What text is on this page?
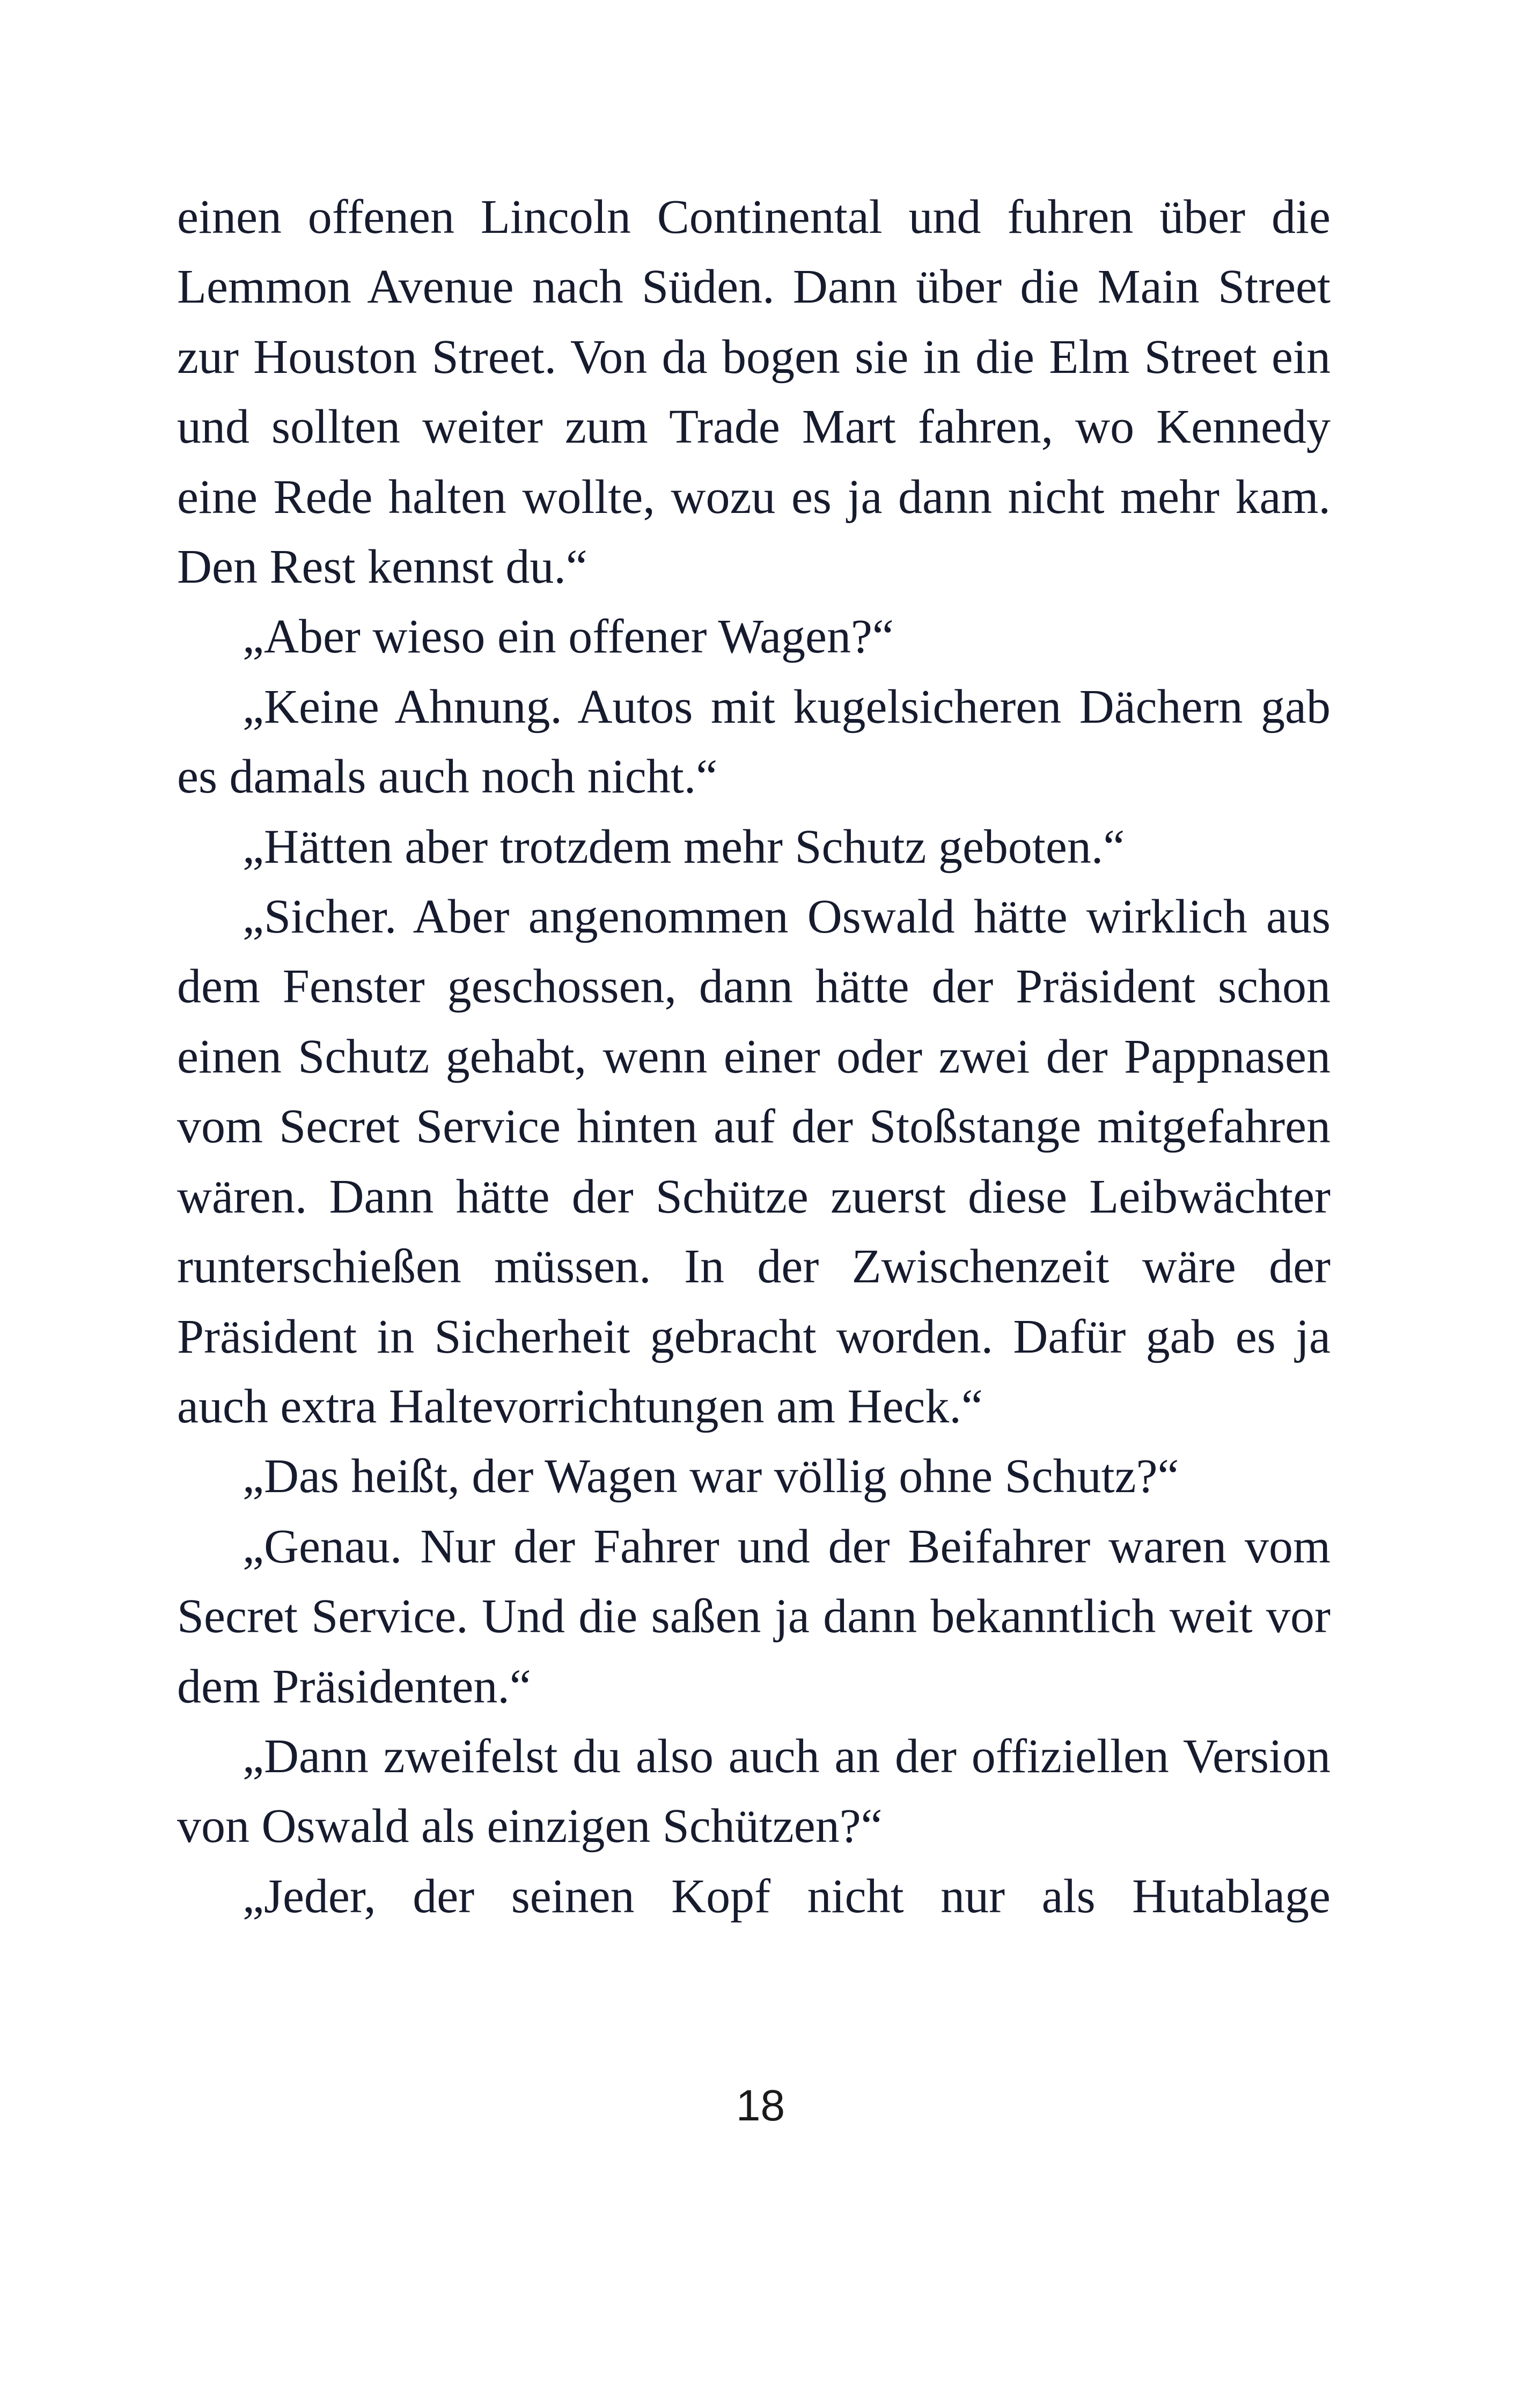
einen offenen Lincoln Continental und fuhren über die Lemmon Avenue nach Süden. Dann über die Main Street zur Houston Street. Von da bogen sie in die Elm Street ein und sollten weiter zum Trade Mart fahren, wo Kennedy eine Rede halten wollte, wozu es ja dann nicht mehr kam. Den Rest kennst du.“

„Aber wieso ein offener Wagen?“

„Keine Ahnung. Autos mit kugelsicheren Dächern gab es damals auch noch nicht.“

„Hätten aber trotzdem mehr Schutz geboten.“

„Sicher. Aber angenommen Oswald hätte wirklich aus dem Fenster geschossen, dann hätte der Präsident schon einen Schutz gehabt, wenn einer oder zwei der Pappnasen vom Secret Service hinten auf der Stoßstange mitgefahren wären. Dann hätte der Schütze zuerst diese Leibwächter runterschießen müssen. In der Zwischenzeit wäre der Präsident in Sicherheit gebracht worden. Dafür gab es ja auch extra Haltevorrichtungen am Heck.“

„Das heißt, der Wagen war völlig ohne Schutz?“

„Genau. Nur der Fahrer und der Beifahrer waren vom Secret Service. Und die saßen ja dann bekanntlich weit vor dem Präsidenten.“

„Dann zweifelst du also auch an der offiziellen Version von Oswald als einzigen Schützen?“

„Jeder, der seinen Kopf nicht nur als Hutablage

18
